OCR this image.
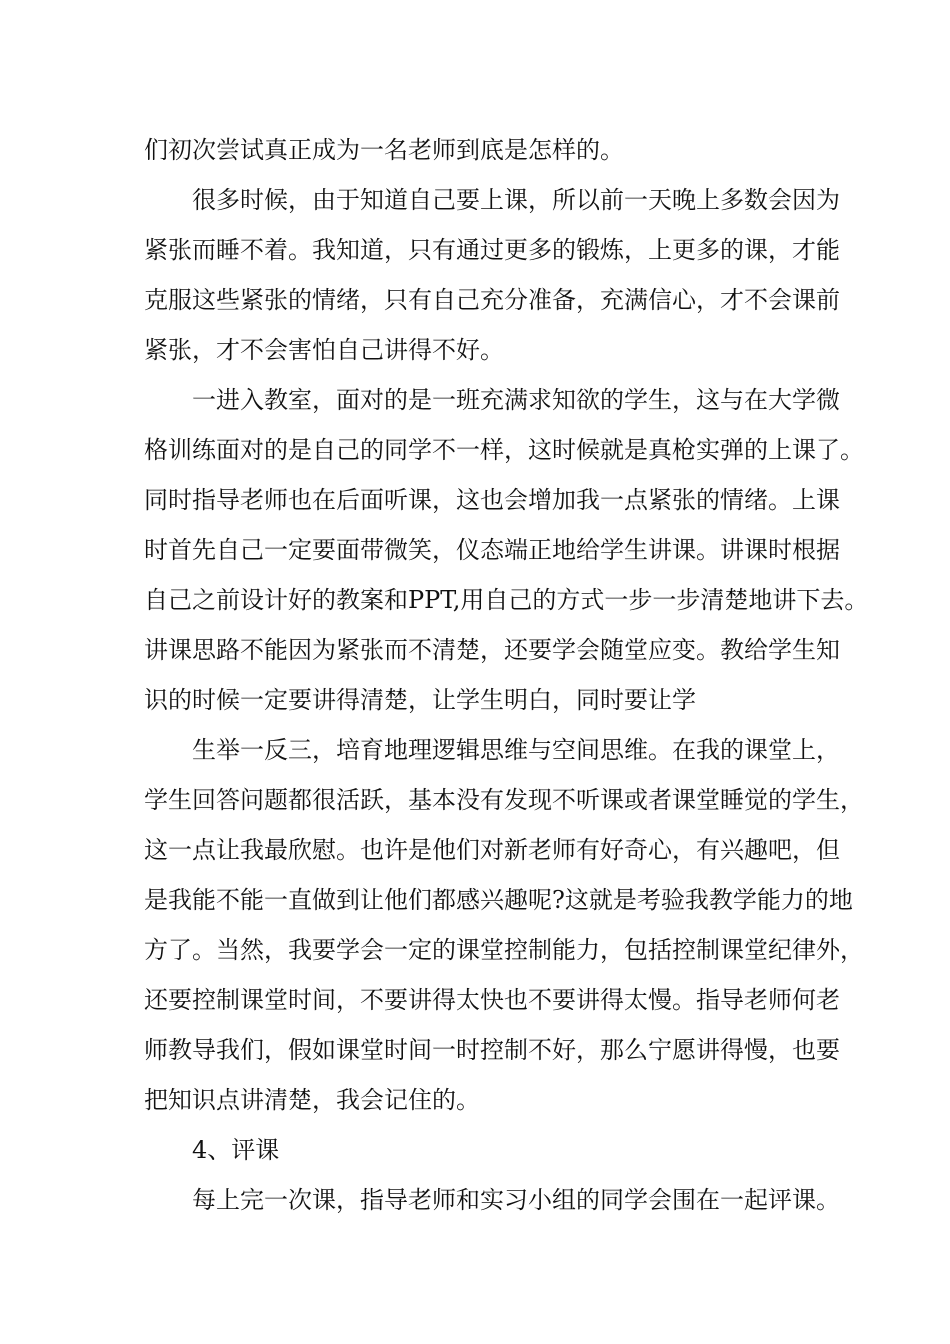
们初次尝试真正成为一名老师到底是怎样的。

很多时候，由于知道自己要上课，所以前一天晚上多数会因为

紧张而睡不着。我知道，只有通过更多的锻炼，上更多的课，才能

克服这些紧张的情绪，只有自己充分准备，充满信心，才不会课前

紧张，才不会害怕自己讲得不好。

一进入教室，面对的是一班充满求知欲的学生，这与在大学微

格训练面对的是自己的同学不一样，这时候就是真枪实弹的上课了。

同时指导老师也在后面听课，这也会增加我一点紧张的情绪。上课

时首先自己一定要面带微笑，仪态端正地给学生讲课。讲课时根据

自己之前设计好的教案和PPT,用自己的方式一步一步清楚地讲下去。

讲课思路不能因为紧张而不清楚，还要学会随堂应变。教给学生知

识的时候一定要讲得清楚，让学生明白，同时要让学

生举一反三，培育地理逻辑思维与空间思维。在我的课堂上，

学生回答问题都很活跃，基本没有发现不听课或者课堂睡觉的学生，

这一点让我最欣慰。也许是他们对新老师有好奇心，有兴趣吧，但

是我能不能一直做到让他们都感兴趣呢?这就是考验我教学能力的地

方了。当然，我要学会一定的课堂控制能力，包括控制课堂纪律外，

还要控制课堂时间，不要讲得太快也不要讲得太慢。指导老师何老

师教导我们，假如课堂时间一时控制不好，那么宁愿讲得慢，也要

把知识点讲清楚，我会记住的。

4、评课

每上完一次课，指导老师和实习小组的同学会围在一起评课。
